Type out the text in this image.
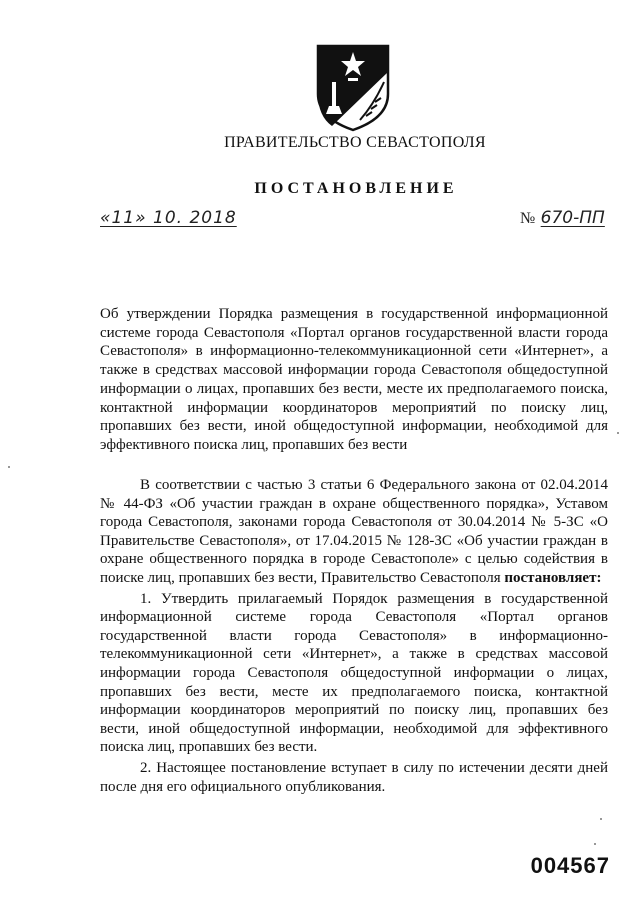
ПРАВИТЕЛЬСТВО СЕВАСТОПОЛЯ
ПОСТАНОВЛЕНИЕ
«11» 10. 2018	№ 670-ПП

Об утверждении Порядка размещения в государственной информационной системе города Севастополя «Портал органов государственной власти города Севастополя» в информационно-телекоммуникационной сети «Интернет», а также в средствах массовой информации города Севастополя общедоступной информации о лицах, пропавших без вести, месте их предполагаемого поиска, контактной информации координаторов мероприятий по поиску лиц, пропавших без вести, иной общедоступной информации, необходимой для эффективного поиска лиц, пропавших без вести

В соответствии с частью 3 статьи 6 Федерального закона от 02.04.2014 № 44-ФЗ «Об участии граждан в охране общественного порядка», Уставом города Севастополя, законами города Севастополя от 30.04.2014 № 5-ЗС «О Правительстве Севастополя», от 17.04.2015 № 128-ЗС «Об участии граждан в охране общественного порядка в городе Севастополе» с целью содействия в поиске лиц, пропавших без вести, Правительство Севастополя постановляет:

1. Утвердить прилагаемый Порядок размещения в государственной информационной системе города Севастополя «Портал органов государственной власти города Севастополя» в информационно-телекоммуникационной сети «Интернет», а также в средствах массовой информации города Севастополя общедоступной информации о лицах, пропавших без вести, месте их предполагаемого поиска, контактной информации координаторов мероприятий по поиску лиц, пропавших без вести, иной общедоступной информации, необходимой для эффективного поиска лиц, пропавших без вести.

2. Настоящее постановление вступает в силу по истечении десяти дней после дня его официального опубликования.

004567
